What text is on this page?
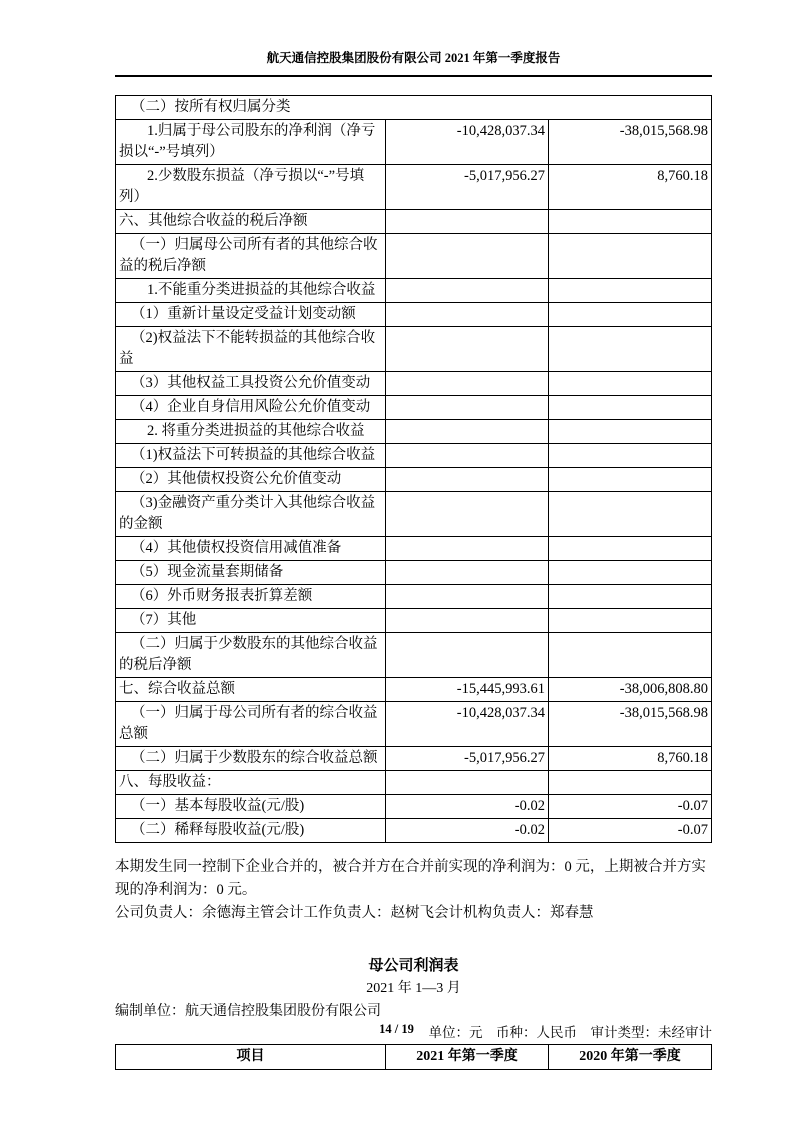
航天通信控股集团股份有限公司 2021 年第一季度报告
（二）按所有权归属分类		
1.归属于母公司股东的净利润（净亏损以“-”号填列）	-10,428,037.34	-38,015,568.98
2.少数股东损益（净亏损以“-”号填列）	-5,017,956.27	8,760.18
六、其他综合收益的税后净额		
（一）归属母公司所有者的其他综合收益的税后净额		
1.不能重分类进损益的其他综合收益		
（1）重新计量设定受益计划变动额		
（2)权益法下不能转损益的其他综合收益		
（3）其他权益工具投资公允价值变动		
（4）企业自身信用风险公允价值变动		
2. 将重分类进损益的其他综合收益		
（1)权益法下可转损益的其他综合收益		
（2）其他债权投资公允价值变动		
（3)金融资产重分类计入其他综合收益的金额		
（4）其他债权投资信用减值准备		
（5）现金流量套期储备		
（6）外币财务报表折算差额		
（7）其他		
（二）归属于少数股东的其他综合收益的税后净额		
七、综合收益总额	-15,445,993.61	-38,006,808.80
（一）归属于母公司所有者的综合收益总额	-10,428,037.34	-38,015,568.98
（二）归属于少数股东的综合收益总额	-5,017,956.27	8,760.18
八、每股收益：		
（一）基本每股收益(元/股)	-0.02	-0.07
（二）稀释每股收益(元/股)	-0.02	-0.07

本期发生同一控制下企业合并的，被合并方在合并前实现的净利润为：0 元，上期被合并方实现的净利润为：0 元。

公司负责人：余德海主管会计工作负责人：赵树飞会计机构负责人：郑春慧

母公司利润表
2021 年 1—3 月
编制单位：航天通信控股集团股份有限公司
单位：元　币种：人民币　审计类型：未经审计
项目	2021 年第一季度	2020 年第一季度
14 / 19
